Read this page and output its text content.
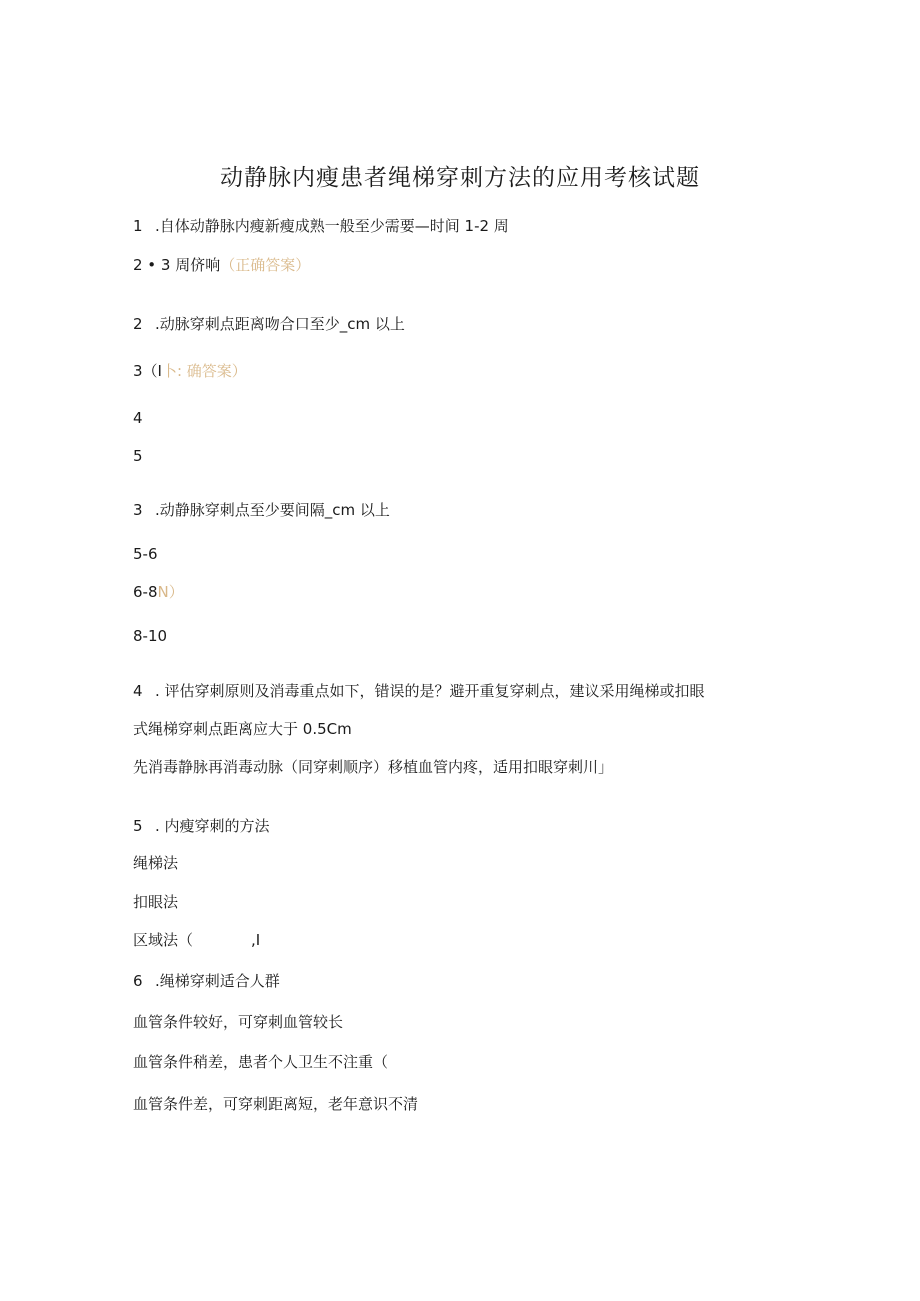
动静脉内瘦患者绳梯穿刺方法的应用考核试题
1 .自体动静脉内瘦新瘦成熟一般至少需要—时间 1-2 周
2 • 3 周侪响（正确答案）
2 .动脉穿刺点距离吻合口至少_cm 以上
3（I卜: 确答案）
4
5
3 .动静脉穿刺点至少要间隔_cm 以上
5-6
6-8N）
8-10
4 . 评估穿刺原则及消毒重点如下，错误的是？避开重复穿刺点，建议采用绳梯或扣眼
式绳梯穿刺点距离应大于 0.5Cm
先消毒静脉再消毒动脉（同穿刺顺序）移植血管内疼，适用扣眼穿刺川」
5 . 内瘦穿刺的方法
绳梯法
扣眼法
区域法（	,I
6 .绳梯穿刺适合人群
血管条件较好，可穿刺血管较长
血管条件稍差，患者个人卫生不注重（
血管条件差，可穿刺距离短，老年意识不清
